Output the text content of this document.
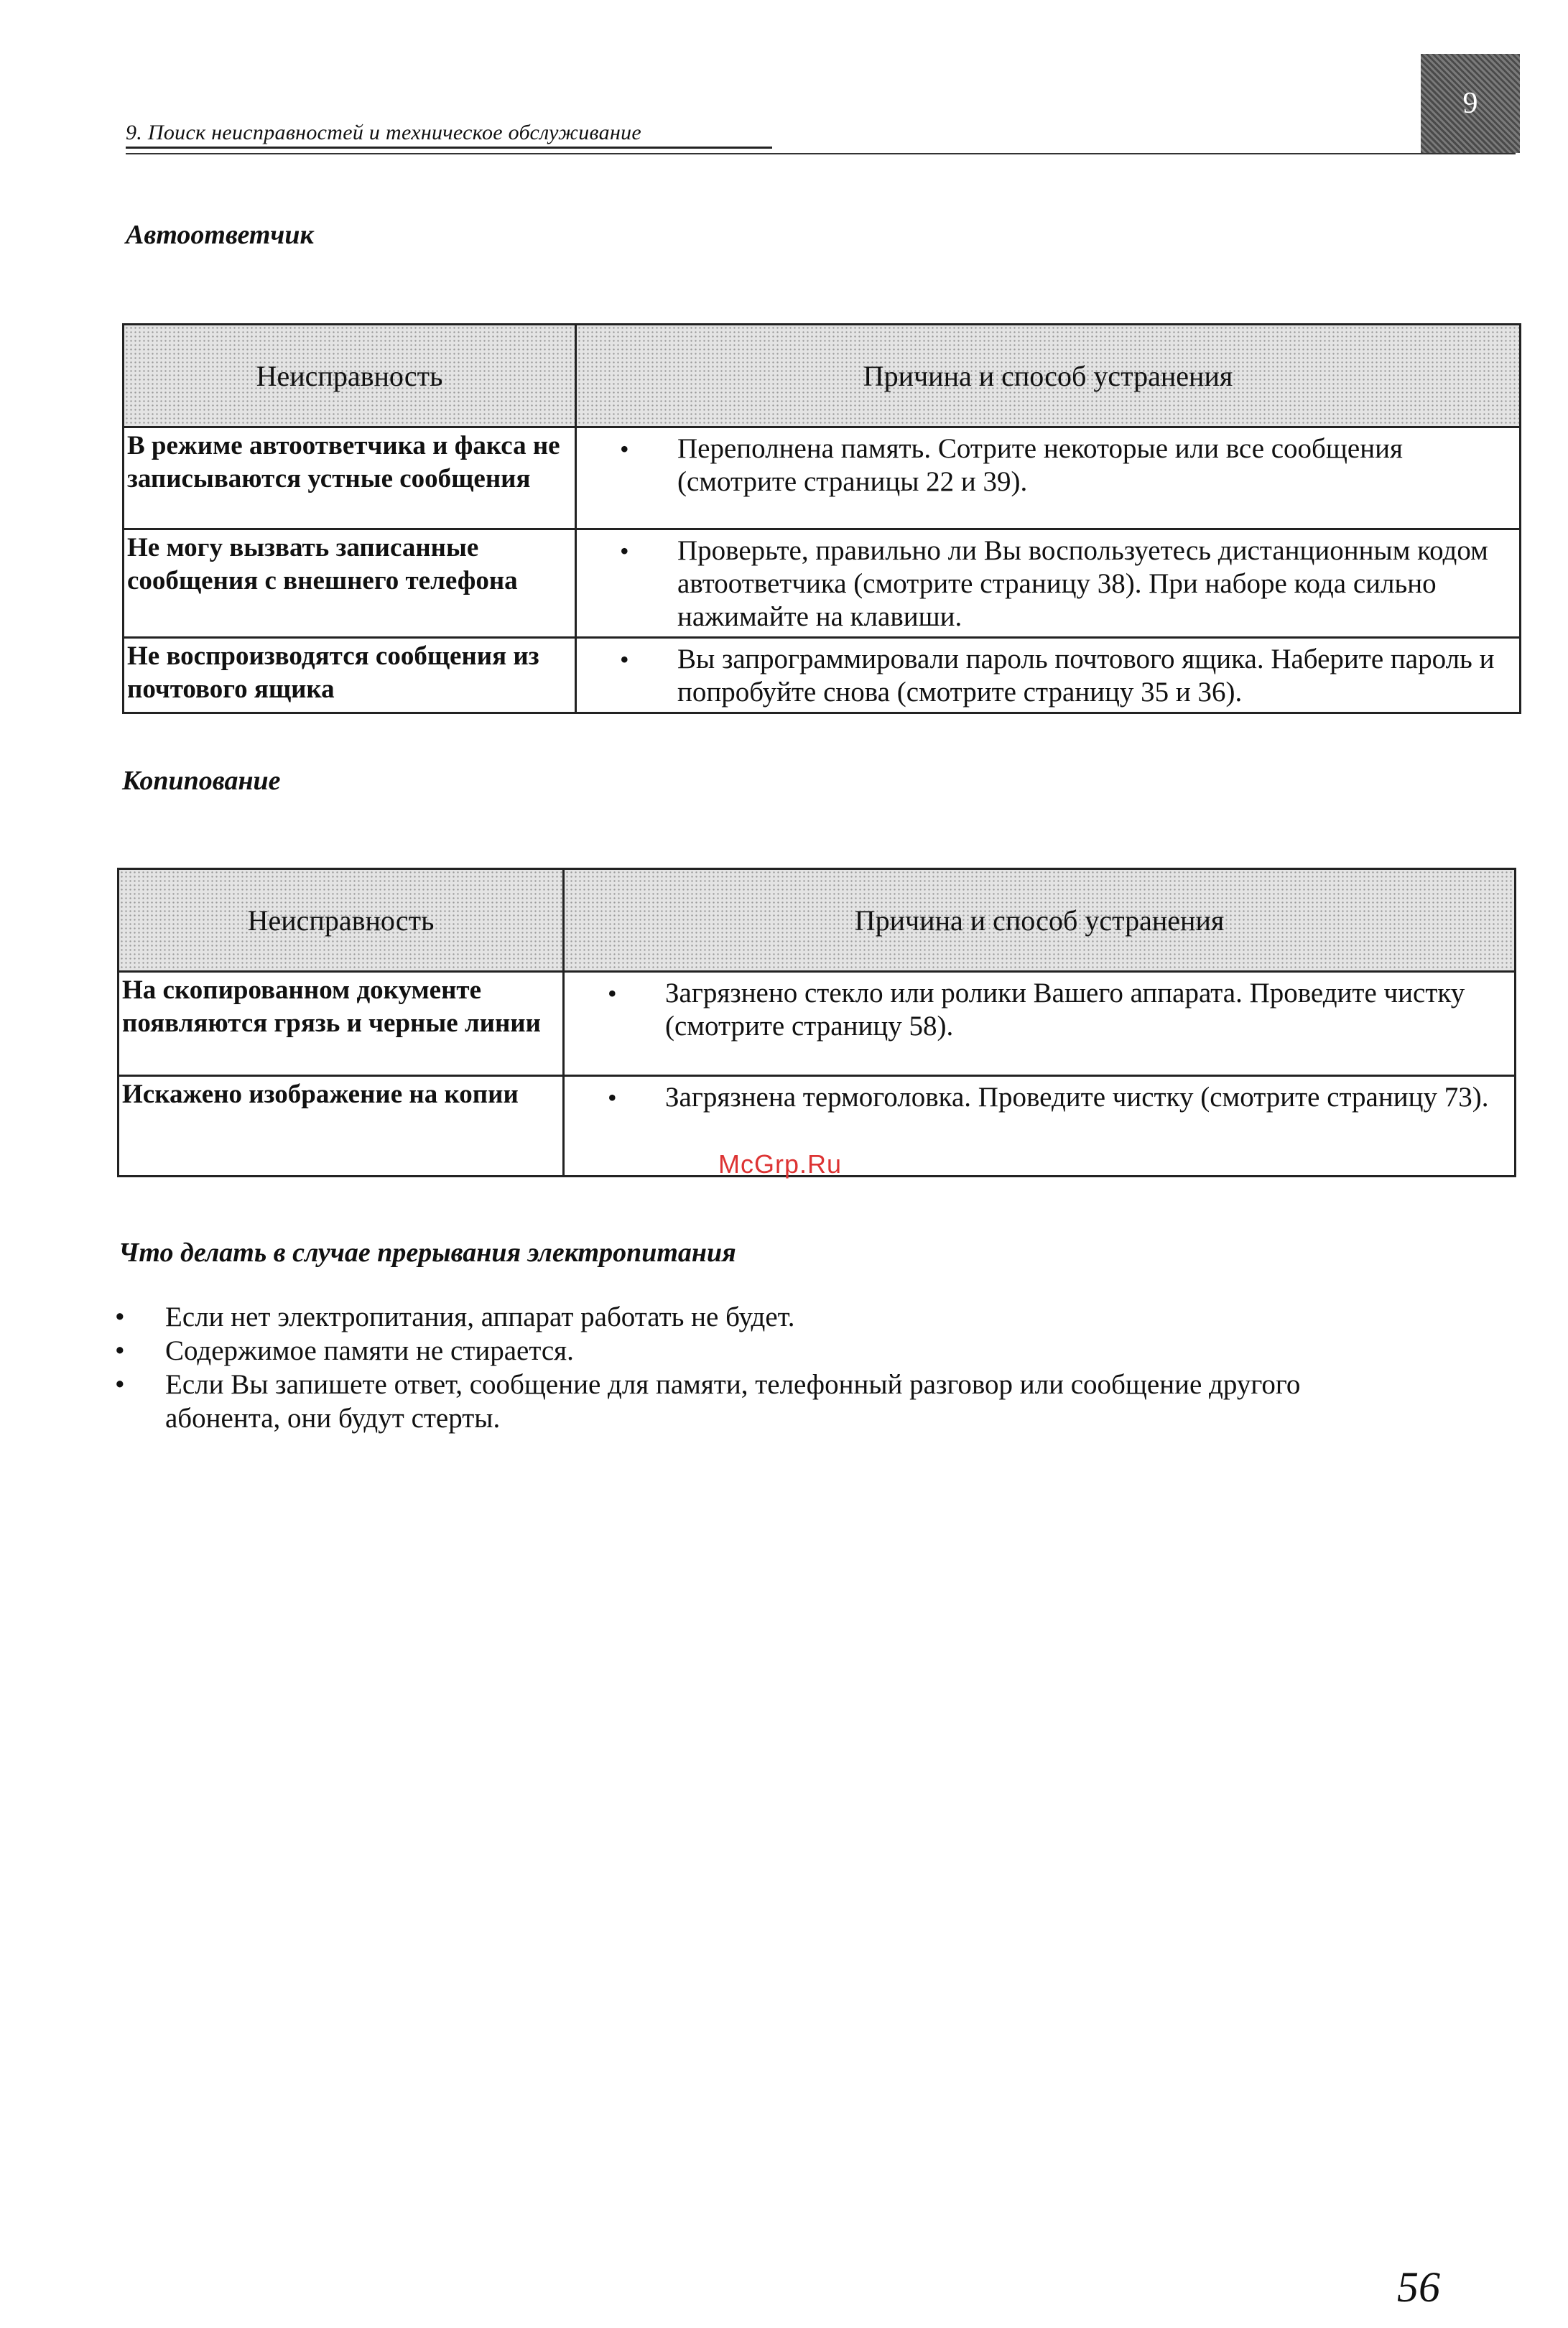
9. Поиск неисправностей и техническое обслуживание
9
Автоответчик
Неисправность	Причина и способ устранения

В режиме автоответчика и факса не записываются устные сообщения	• Переполнена память. Сотрите некоторые или все сообщения (смотрите страницы 22 и 39).

Не могу вызвать записанные сообщения с внешнего телефона	• Проверьте, правильно ли Вы воспользуетесь дистанционным кодом автоответчика (смотрите страницу 38). При наборе кода сильно нажимайте на клавиши.

Не воспроизводятся сообщения из почтового ящика	• Вы запрограммировали пароль почтового ящика. Наберите пароль и попробуйте снова (смотрите страницу 35 и 36).
Копипование
Неисправность	Причина и способ устранения

На скопированном документе появляются грязь и черные линии	• Загрязнено стекло или ролики Вашего аппарата. Проведите чистку (смотрите страницу 58).

Искажено изображение на копии	• Загрязнена термоголовка. Проведите чистку (смотрите страницу 73).
McGrp.Ru
Что делать в случае прерывания электропитания
• Если нет электропитания, аппарат работать не будет.
• Содержимое памяти не стирается.
• Если Вы запишете ответ, сообщение для памяти, телефонный разговор или сообщение другого абонента, они будут стерты.
56
